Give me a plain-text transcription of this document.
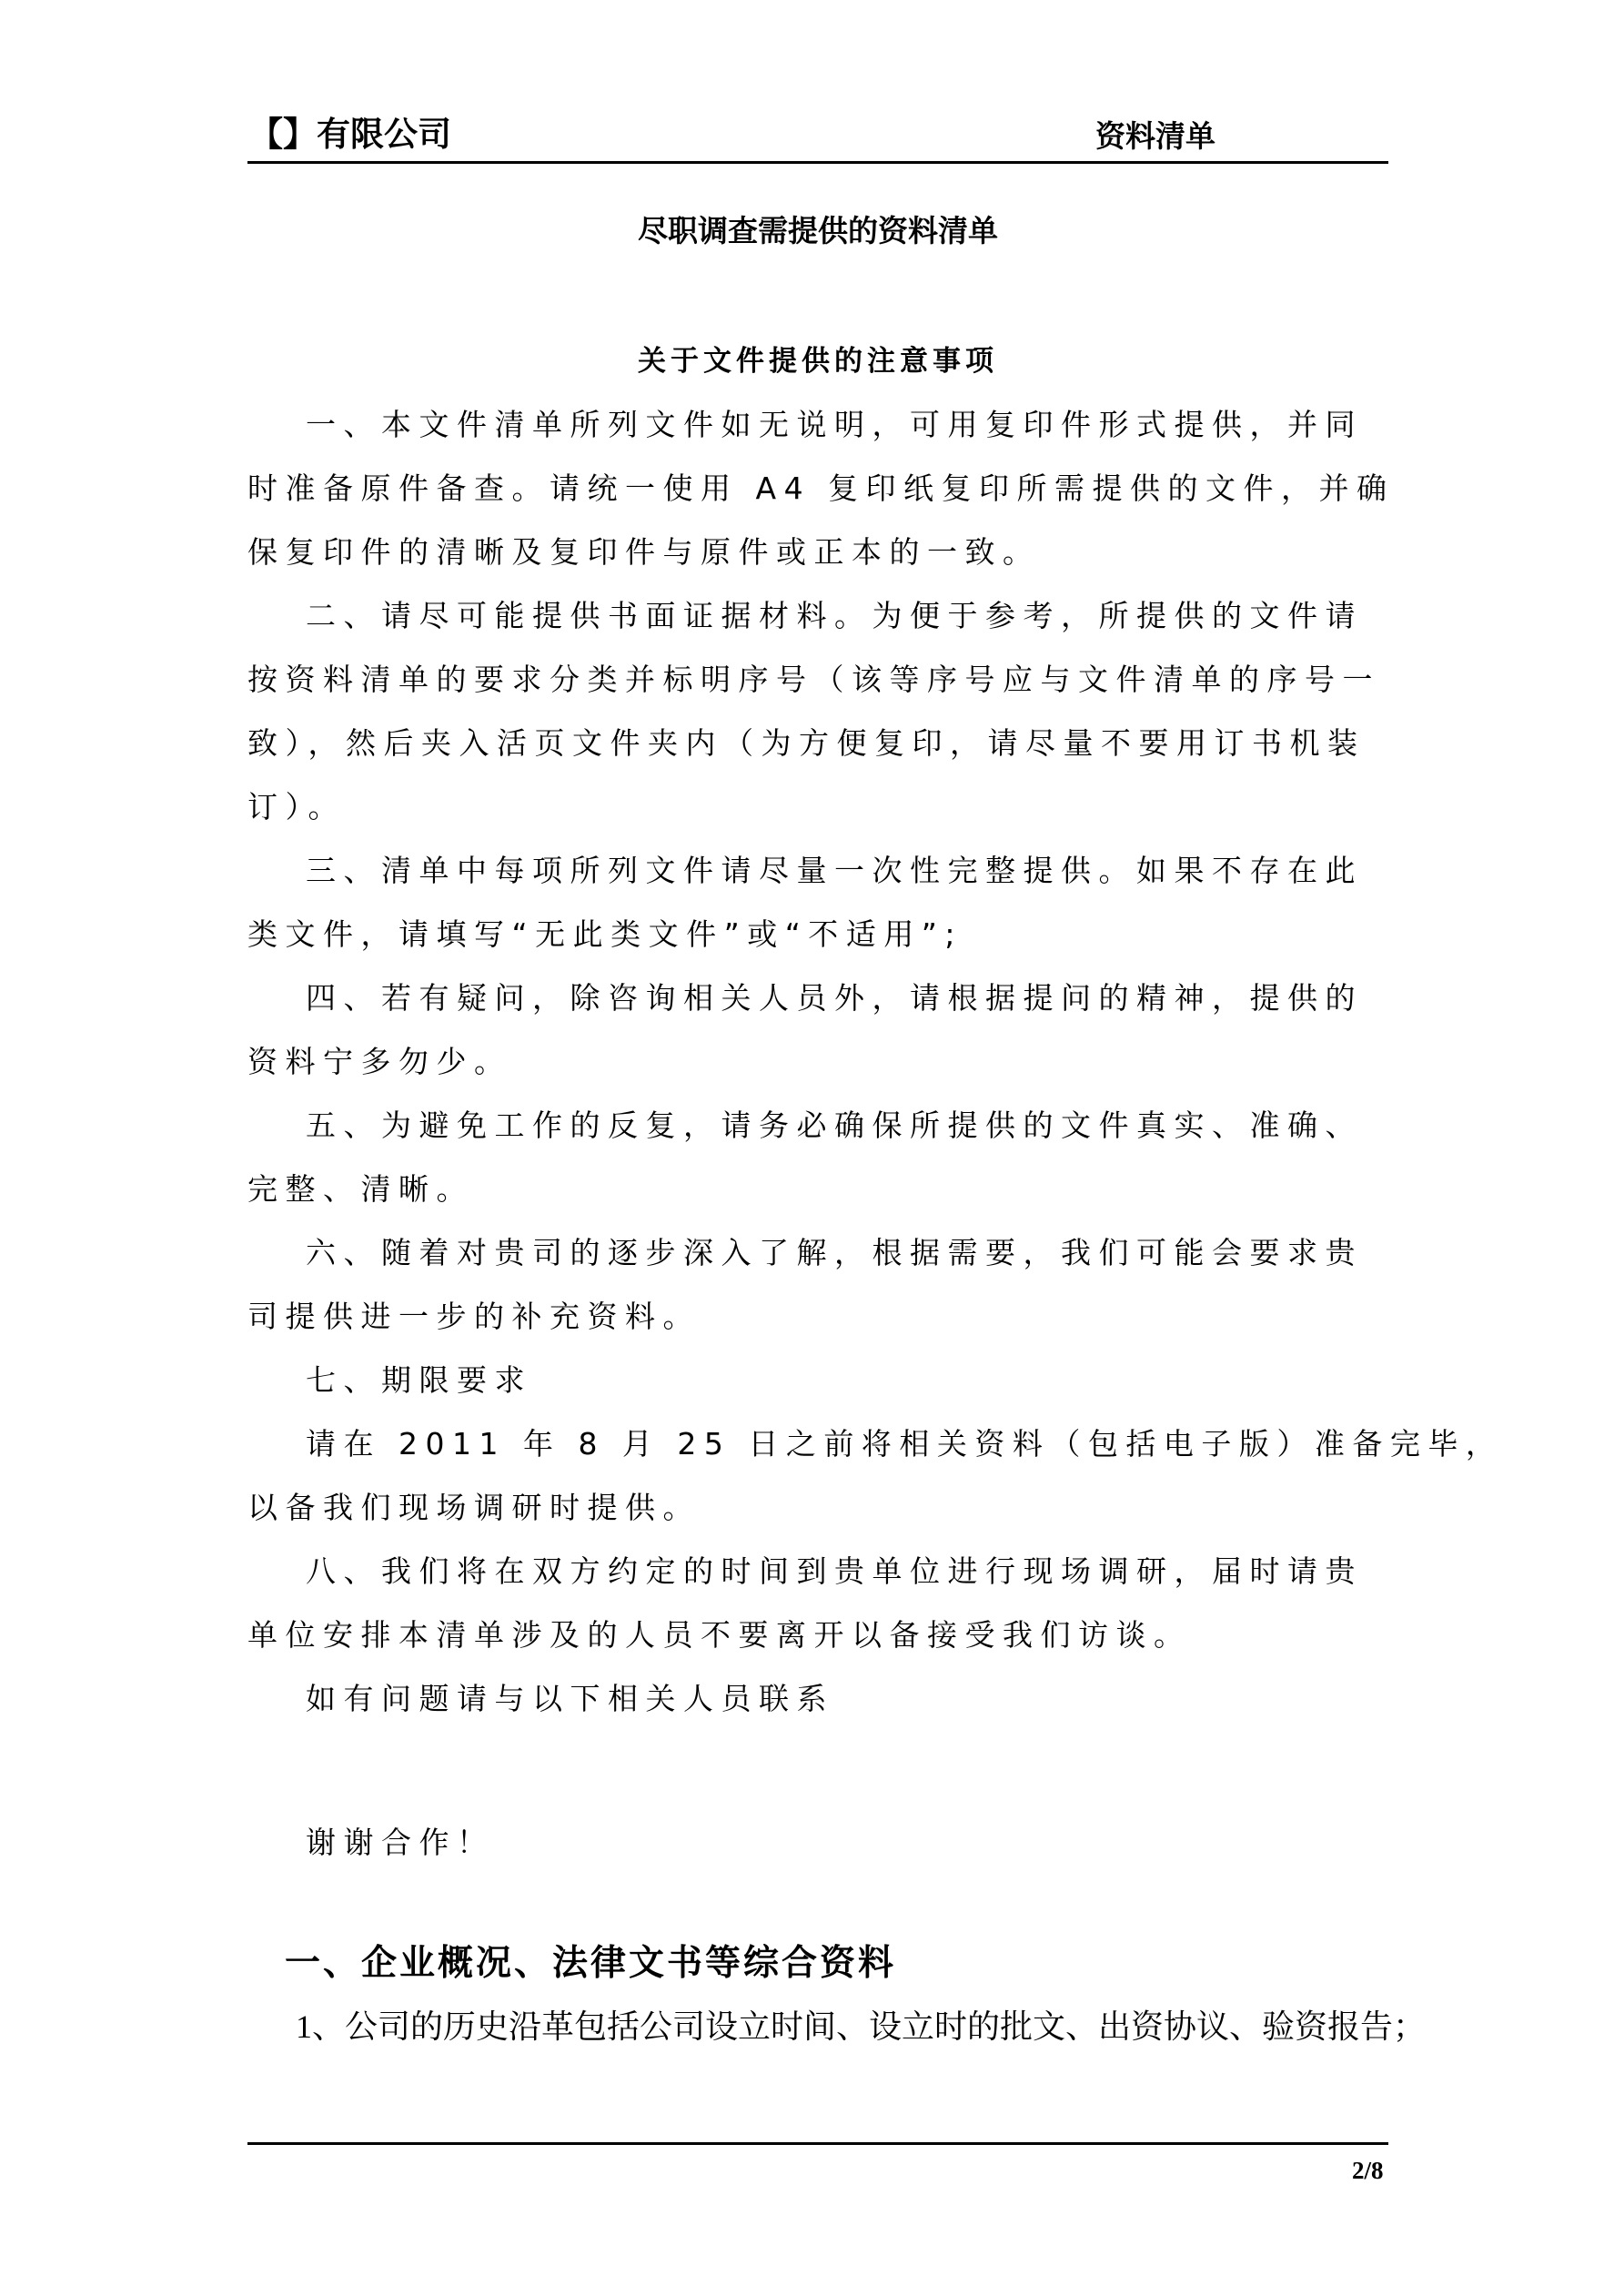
【】有限公司	资料清单
尽职调查需提供的资料清单
关于文件提供的注意事项
一、本文件清单所列文件如无说明，可用复印件形式提供，并同
时准备原件备查。请统一使用 A4 复印纸复印所需提供的文件，并确
保复印件的清晰及复印件与原件或正本的一致。
二、请尽可能提供书面证据材料。为便于参考，所提供的文件请
按资料清单的要求分类并标明序号（该等序号应与文件清单的序号一
致），然后夹入活页文件夹内（为方便复印，请尽量不要用订书机装
订）。
三、清单中每项所列文件请尽量一次性完整提供。如果不存在此
类文件，请填写“无此类文件”或“不适用”;
四、若有疑问，除咨询相关人员外，请根据提问的精神，提供的
资料宁多勿少。
五、为避免工作的反复，请务必确保所提供的文件真实、准确、
完整、清晰。
六、随着对贵司的逐步深入了解，根据需要，我们可能会要求贵
司提供进一步的补充资料。
七、期限要求
请在 2011 年 8 月 25 日之前将相关资料（包括电子版）准备完毕，
以备我们现场调研时提供。
八、我们将在双方约定的时间到贵单位进行现场调研，届时请贵
单位安排本清单涉及的人员不要离开以备接受我们访谈。
如有问题请与以下相关人员联系
谢谢合作！
一、企业概况、法律文书等综合资料
1、公司的历史沿革包括公司设立时间、设立时的批文、出资协议、验资报告；
2/8
